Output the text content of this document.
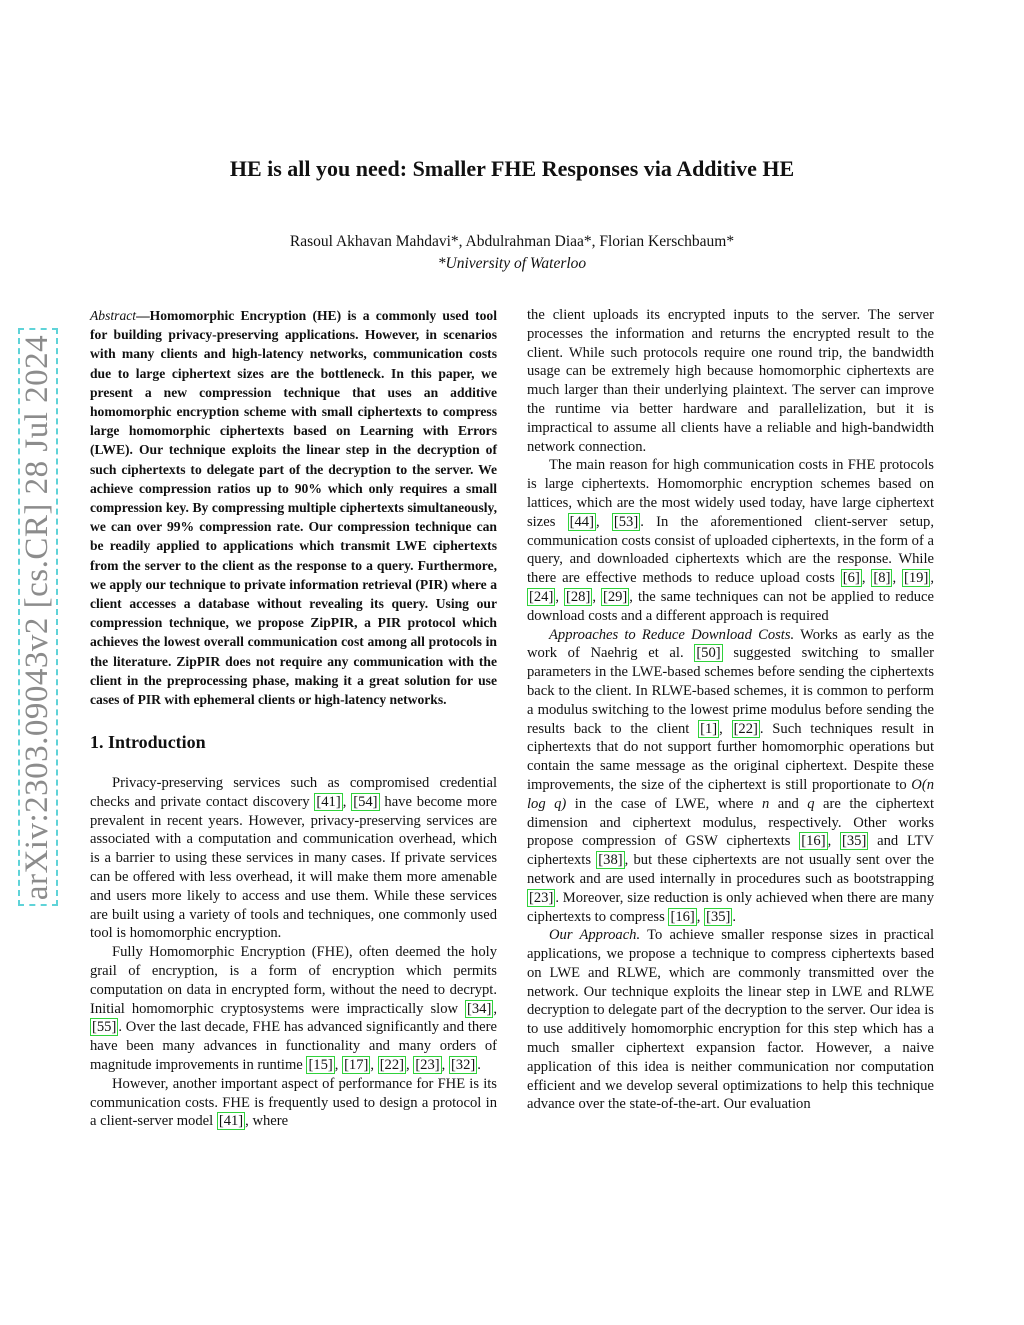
arXiv:2303.09043v2 [cs.CR] 28 Jul 2024
HE is all you need: Smaller FHE Responses via Additive HE
Rasoul Akhavan Mahdavi*, Abdulrahman Diaa*, Florian Kerschbaum*
*University of Waterloo
Abstract—Homomorphic Encryption (HE) is a commonly used tool for building privacy-preserving applications. However, in scenarios with many clients and high-latency networks, communication costs due to large ciphertext sizes are the bottleneck. In this paper, we present a new compression technique that uses an additive homomorphic encryption scheme with small ciphertexts to compress large homomorphic ciphertexts based on Learning with Errors (LWE). Our technique exploits the linear step in the decryption of such ciphertexts to delegate part of the decryption to the server. We achieve compression ratios up to 90% which only requires a small compression key. By compressing multiple ciphertexts simultaneously, we can over 99% compression rate. Our compression technique can be readily applied to applications which transmit LWE ciphertexts from the server to the client as the response to a query. Furthermore, we apply our technique to private information retrieval (PIR) where a client accesses a database without revealing its query. Using our compression technique, we propose ZipPIR, a PIR protocol which achieves the lowest overall communication cost among all protocols in the literature. ZipPIR does not require any communication with the client in the preprocessing phase, making it a great solution for use cases of PIR with ephemeral clients or high-latency networks.
1. Introduction

Privacy-preserving services such as compromised credential checks and private contact discovery [41] , [54] have become more prevalent in recent years. However, privacy-preserving services are associated with a computation and communication overhead, which is a barrier to using these services in many cases. If private services can be offered with less overhead, it will make them more amenable and users more likely to access and use them. While these services are built using a variety of tools and techniques, one commonly used tool is homomorphic encryption.

Fully Homomorphic Encryption (FHE), often deemed the holy grail of encryption, is a form of encryption which permits computation on data in encrypted form, without the need to decrypt. Initial homomorphic cryptosystems were impractically slow [34] , [55] . Over the last decade, FHE has advanced significantly and there have been many advances in functionality and many orders of magnitude improvements in runtime [15] , [17] , [22] , [23] , [32] .

However, another important aspect of performance for FHE is its communication costs. FHE is frequently used to design a protocol in a client-server model [41] , where

the client uploads its encrypted inputs to the server. The server processes the information and returns the encrypted result to the client. While such protocols require one round trip, the bandwidth usage can be extremely high because homomorphic ciphertexts are much larger than their underlying plaintext. The server can improve the runtime via better hardware and parallelization, but it is impractical to assume all clients have a reliable and high-bandwidth network connection.

The main reason for high communication costs in FHE protocols is large ciphertexts. Homomorphic encryption schemes based on lattices, which are the most widely used today, have large ciphertext sizes [44] , [53] . In the aforementioned client-server setup, communication costs consist of uploaded ciphertexts, in the form of a query, and downloaded ciphertexts which are the response. While there are effective methods to reduce upload costs [6] , [8] , [19] , [24] , [28] , [29] , the same techniques can not be applied to reduce download costs and a different approach is required

Approaches to Reduce Download Costs. Works as early as the work of Naehrig et al. [50] suggested switching to smaller parameters in the LWE-based schemes before sending the ciphertexts back to the client. In RLWE-based schemes, it is common to perform a modulus switching to the lowest prime modulus before sending the results back to the client [1] , [22] . Such techniques result in ciphertexts that do not support further homomorphic operations but contain the same message as the original ciphertext. Despite these improvements, the size of the ciphertext is still proportionate to O(n log q) in the case of LWE, where n and q are the ciphertext dimension and ciphertext modulus, respectively. Other works propose compression of GSW ciphertexts [16] , [35] and LTV ciphertexts [38] , but these ciphertexts are not usually sent over the network and are used internally in procedures such as bootstrapping [23] . Moreover, size reduction is only achieved when there are many ciphertexts to compress [16] , [35] .

Our Approach. To achieve smaller response sizes in practical applications, we propose a technique to compress ciphertexts based on LWE and RLWE, which are commonly transmitted over the network. Our technique exploits the linear step in LWE and RLWE decryption to delegate part of the decryption to the server. Our idea is to use additively homomorphic encryption for this step which has a much smaller ciphertext expansion factor. However, a naive application of this idea is neither communication nor computation efficient and we develop several optimizations to help this technique advance over the state-of-the-art. Our evaluation
